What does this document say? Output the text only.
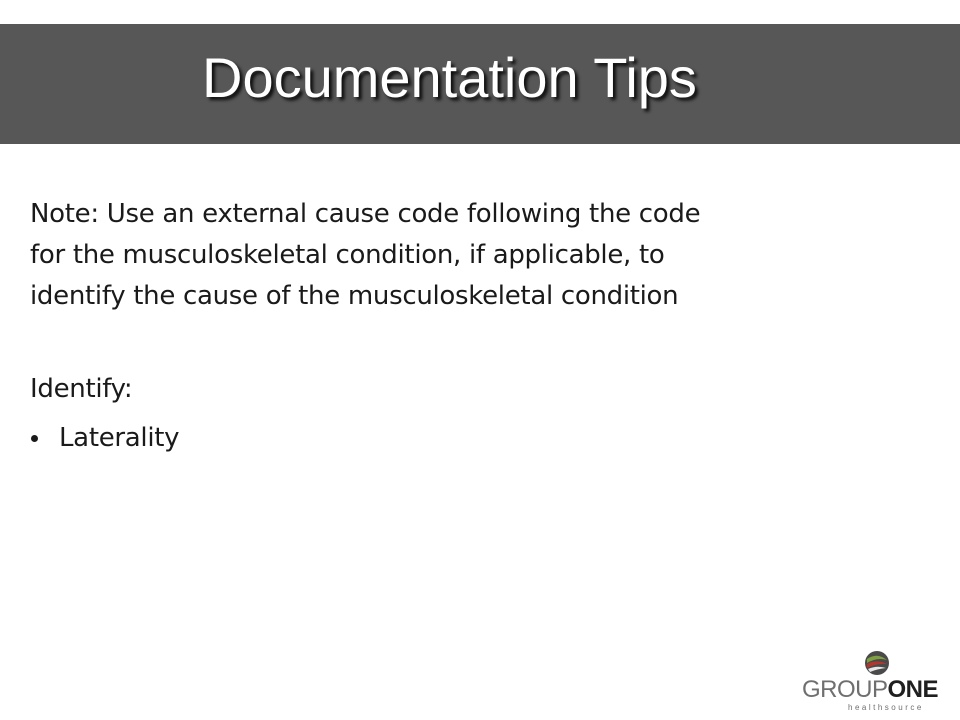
Documentation Tips

Note: Use an external cause code following the code
for the musculoskeletal condition, if applicable, to
identify the cause of the musculoskeletal condition

Identify:

Laterality
GROUPONE
healthsource
